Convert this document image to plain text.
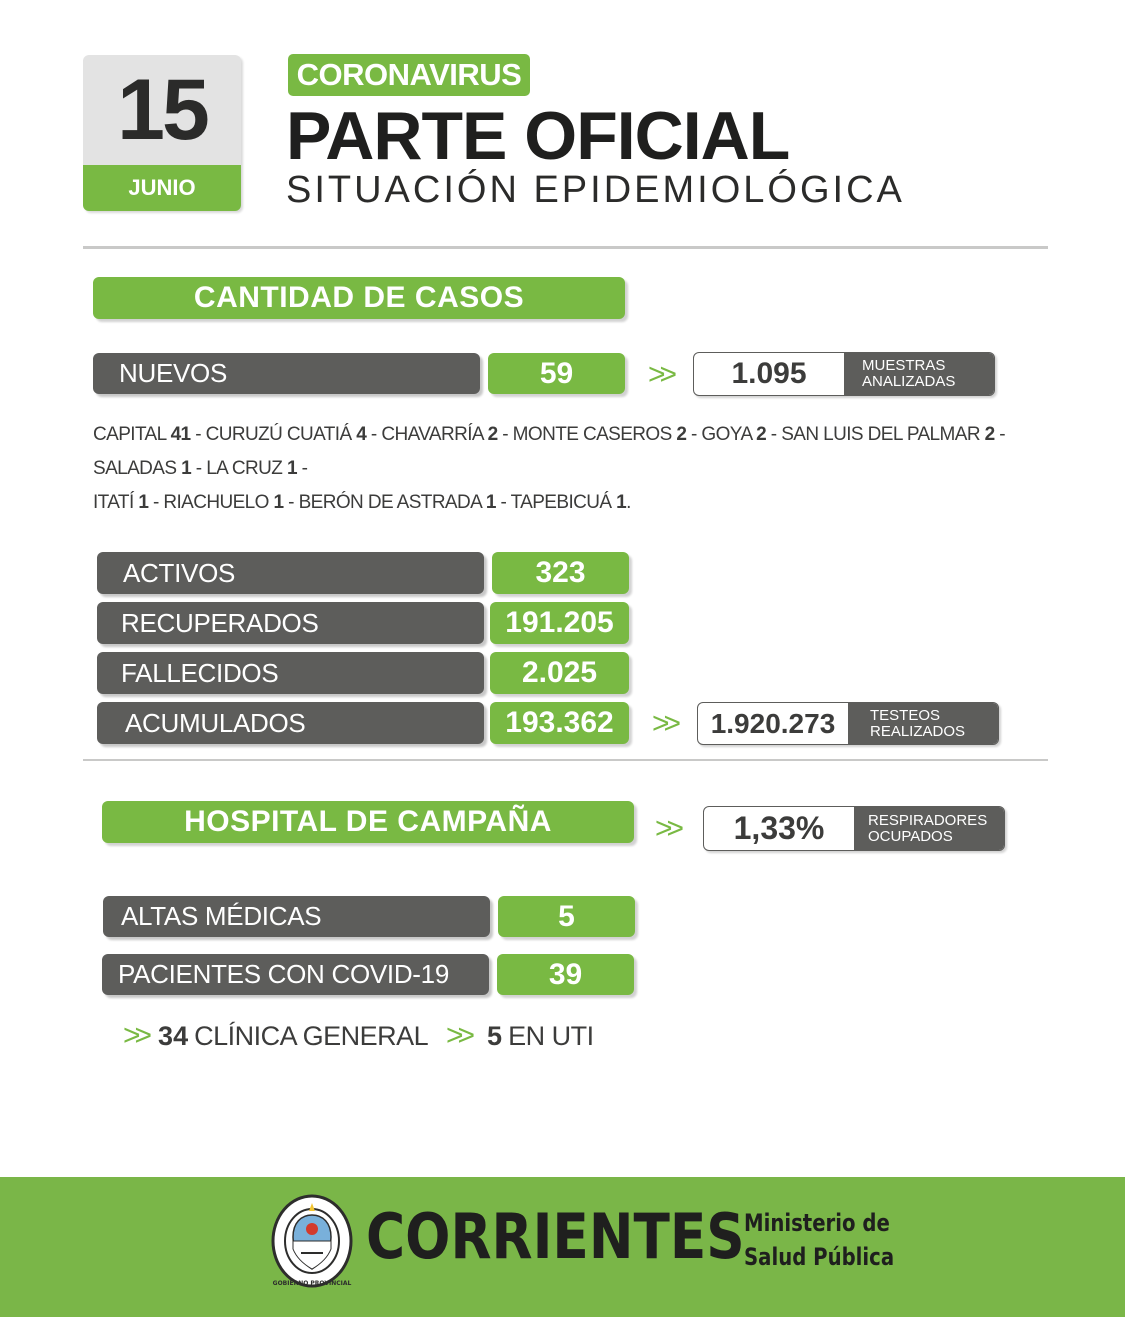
15
JUNIO
CORONAVIRUS
PARTE OFICIAL
SITUACIÓN EPIDEMIOLÓGICA
CANTIDAD DE CASOS
NUEVOS	59	>>	1.095	MUESTRAS
ANALIZADAS
CAPITAL 41 - CURUZÚ CUATIÁ 4 - CHAVARRÍA 2 - MONTE CASEROS 2 - GOYA 2 - SAN LUIS DEL PALMAR 2 - SALADAS 1 - LA CRUZ 1 -
ITATÍ 1 - RIACHUELO 1 - BERÓN DE ASTRADA 1 - TAPEBICUÁ 1.
ACTIVOS	323
RECUPERADOS	191.205
FALLECIDOS	2.025
ACUMULADOS	193.362	>>	1.920.273	TESTEOS
REALIZADOS
HOSPITAL DE CAMPAÑA	>>	1,33%	RESPIRADORES
OCUPADOS
ALTAS MÉDICAS	5
PACIENTES CON COVID-19	39
>> 34 CLÍNICA GENERAL >> 5 EN UTI
GOBIERNO PROVINCIAL
CORRIENTES Ministerio de
Salud Pública
